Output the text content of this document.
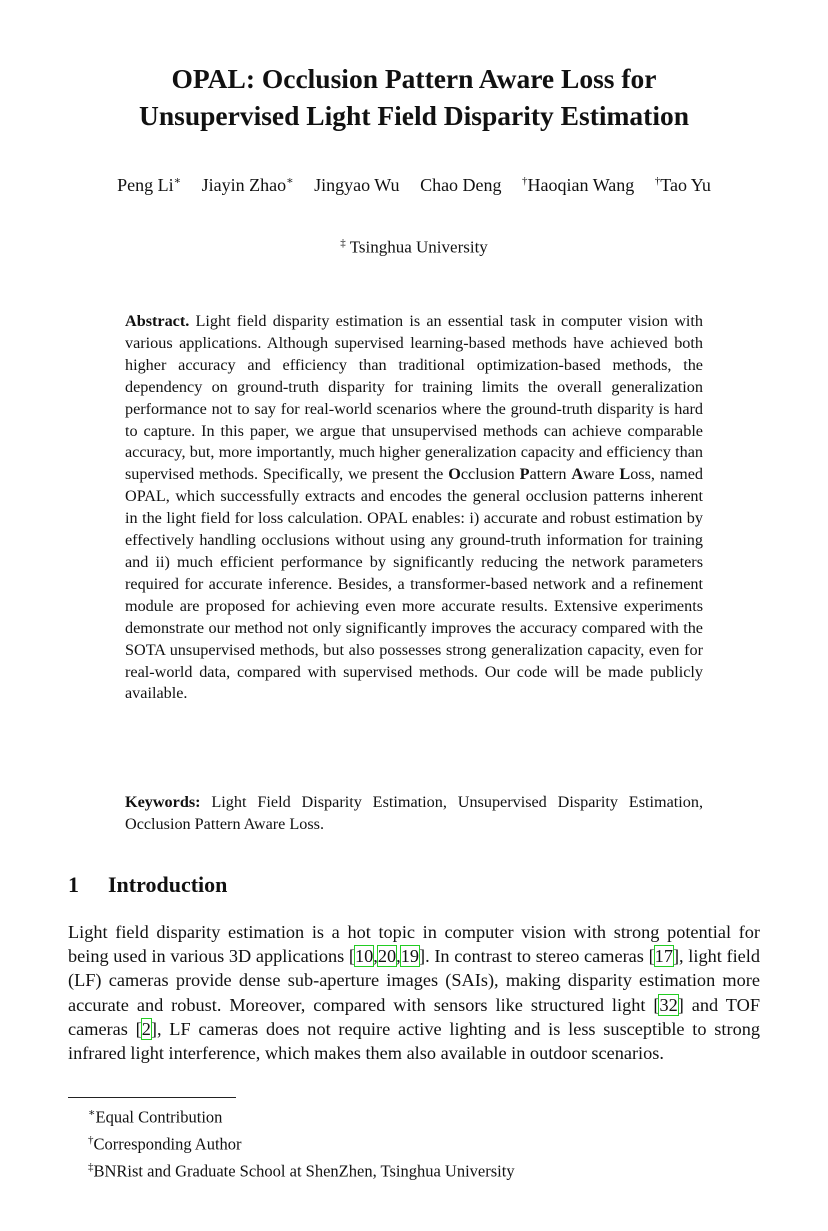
OPAL: Occlusion Pattern Aware Loss for
Unsupervised Light Field Disparity Estimation
Peng Li∗ Jiayin Zhao∗ Jingyao Wu Chao Deng †Haoqian Wang †Tao Yu
‡ Tsinghua University
Abstract. Light field disparity estimation is an essential task in computer vision with various applications. Although supervised learning-based methods have achieved both higher accuracy and efficiency than traditional optimization-based methods, the dependency on ground-truth disparity for training limits the overall generalization performance not to say for real-world scenarios where the ground-truth disparity is hard to capture. In this paper, we argue that unsupervised methods can achieve comparable accuracy, but, more importantly, much higher generalization capacity and efficiency than supervised methods. Specifically, we present the Occlusion Pattern Aware Loss, named OPAL, which successfully extracts and encodes the general occlusion patterns inherent in the light field for loss calculation. OPAL enables: i) accurate and robust estimation by effectively handling occlusions without using any ground-truth information for training and ii) much efficient performance by significantly reducing the network parameters required for accurate inference. Besides, a transformer-based network and a refinement module are proposed for achieving even more accurate results. Extensive experiments demonstrate our method not only significantly improves the accuracy compared with the SOTA unsupervised methods, but also possesses strong generalization capacity, even for real-world data, compared with supervised methods. Our code will be made publicly available.
Keywords: Light Field Disparity Estimation, Unsupervised Disparity Estimation, Occlusion Pattern Aware Loss.
1 Introduction
Light field disparity estimation is a hot topic in computer vision with strong potential for being used in various 3D applications [10,20,19]. In contrast to stereo cameras [17], light field (LF) cameras provide dense sub-aperture images (SAIs), making disparity estimation more accurate and robust. Moreover, compared with sensors like structured light [32] and TOF cameras [2], LF cameras does not require active lighting and is less susceptible to strong infrared light interference, which makes them also available in outdoor scenarios.
∗Equal Contribution
†Corresponding Author
‡BNRist and Graduate School at ShenZhen, Tsinghua University
